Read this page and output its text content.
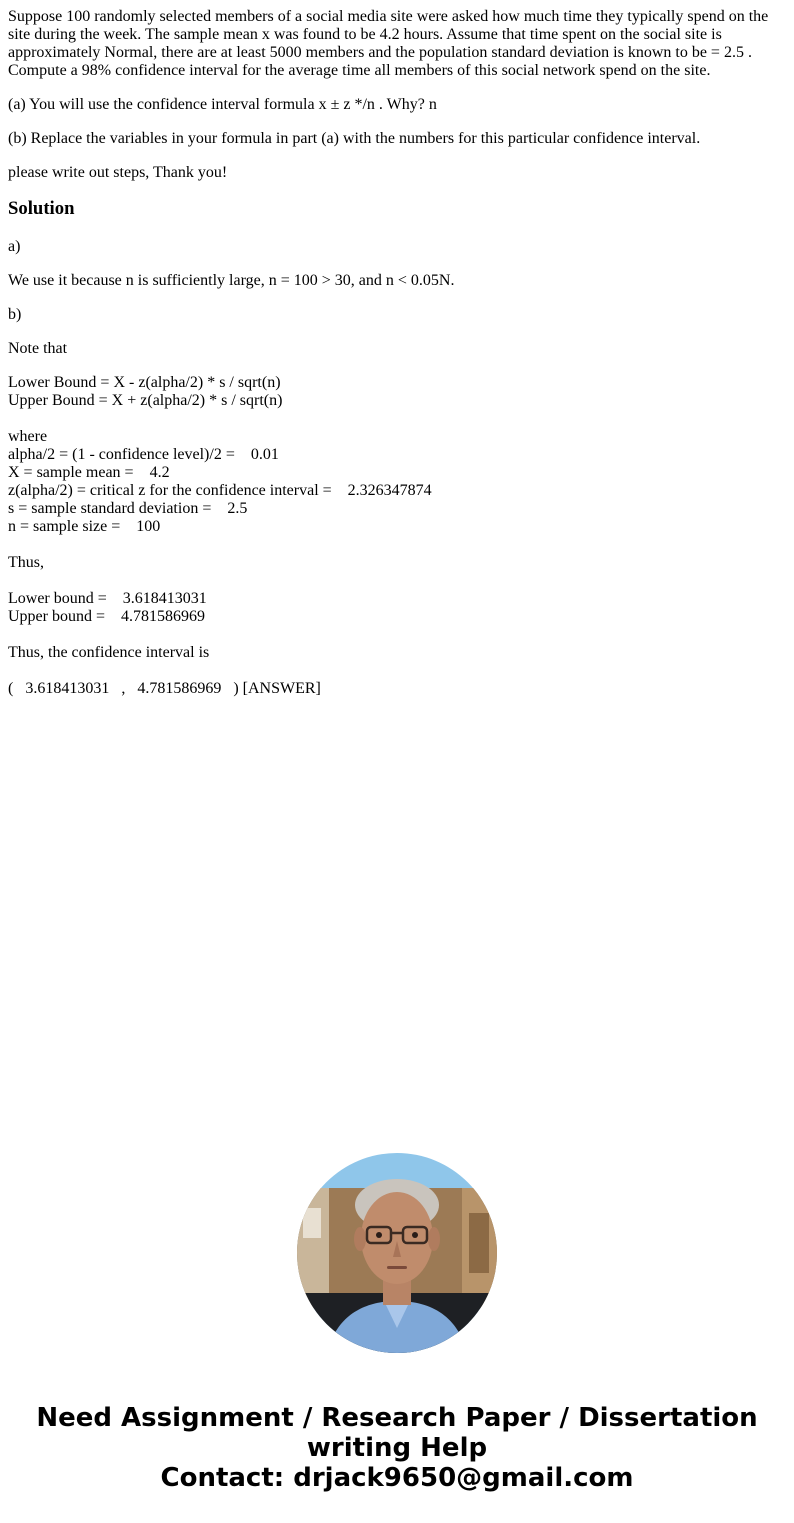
Suppose 100 randomly selected members of a social media site were asked how much time they typically spend on the site during the week. The sample mean x was found to be 4.2 hours. Assume that time spent on the social site is approximately Normal, there are at least 5000 members and the population standard deviation is known to be = 2.5 . Compute a 98% confidence interval for the average time all members of this social network spend on the site.

(a) You will use the confidence interval formula x ± z */n . Why? n

(b) Replace the variables in your formula in part (a) with the numbers for this particular confidence interval.

please write out steps, Thank you!

Solution

a)

We use it because n is sufficiently large, n = 100 > 30, and n < 0.05N.

b)

Note that

Lower Bound = X - z(alpha/2) * s / sqrt(n)
Upper Bound = X + z(alpha/2) * s / sqrt(n)
where
alpha/2 = (1 - confidence level)/2 =    0.01
X = sample mean =    4.2
z(alpha/2) = critical z for the confidence interval =    2.326347874
s = sample standard deviation =    2.5
n = sample size =    100
Thus,
Lower bound =    3.618413031
Upper bound =    4.781586969
Thus, the confidence interval is
(   3.618413031   ,   4.781586969   ) [ANSWER]

Need Assignment / Research Paper / Dissertation
writing Help
Contact: drjack9650@gmail.com
